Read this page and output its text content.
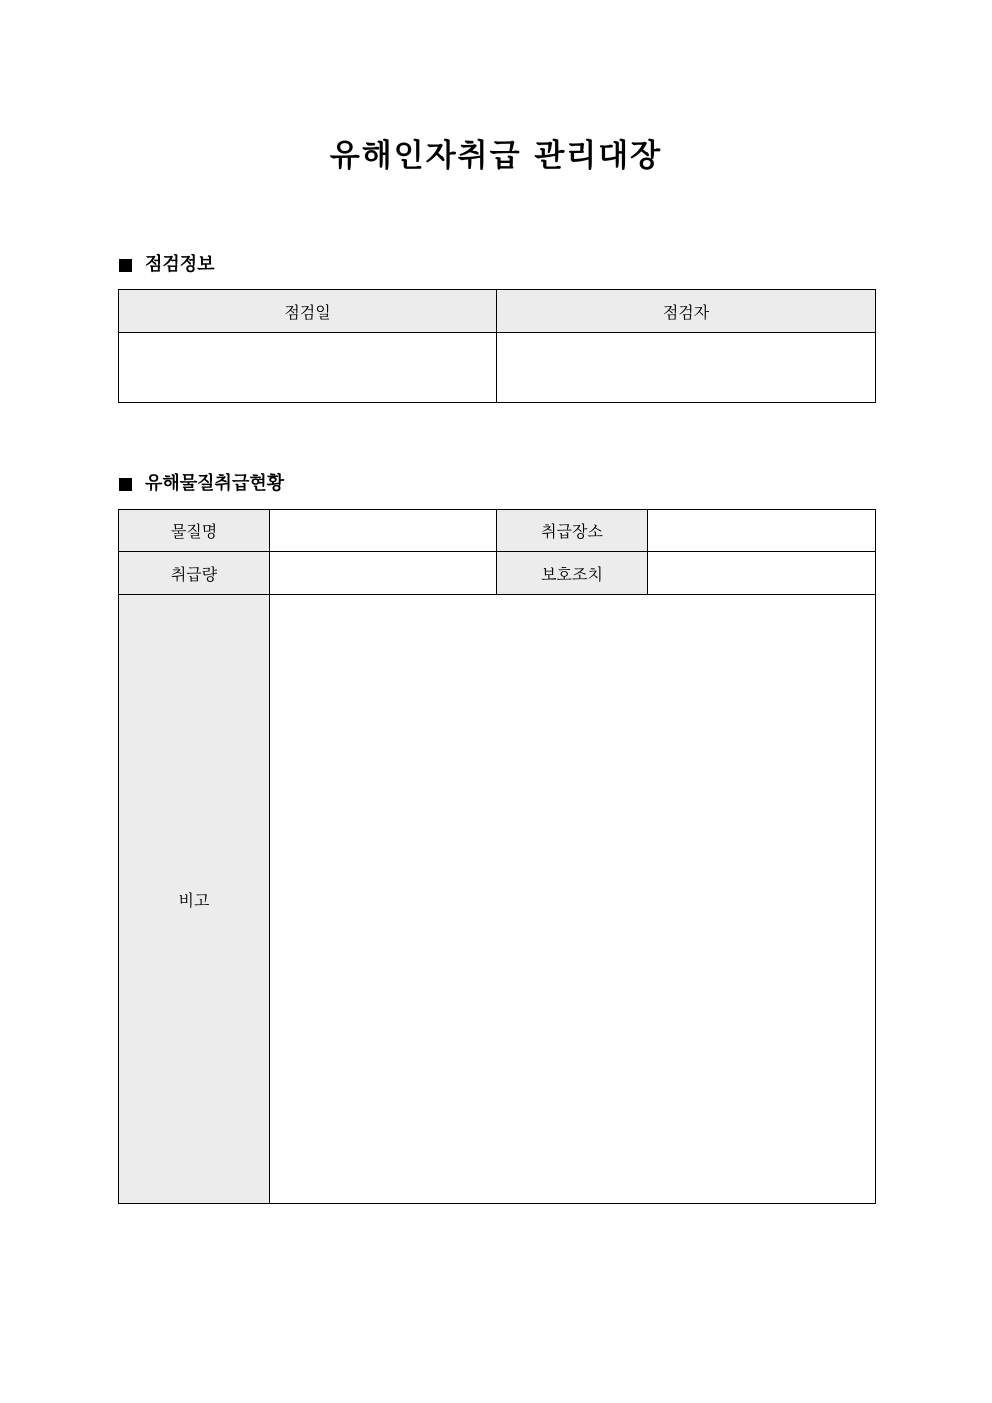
유해인자취급 관리대장
점검정보
점검일	점검자

유해물질취급현황
물질명		취급장소	
취급량		보호조치	
비고			
